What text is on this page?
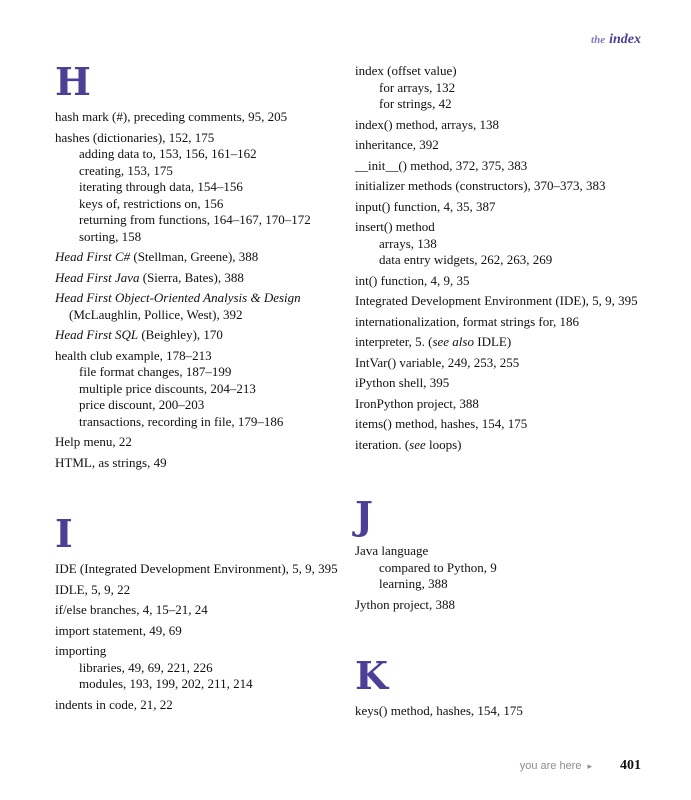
the index
H
hash mark (#), preceding comments, 95, 205
hashes (dictionaries), 152, 175
adding data to, 153, 156, 161–162
creating, 153, 175
iterating through data, 154–156
keys of, restrictions on, 156
returning from functions, 164–167, 170–172
sorting, 158
Head First C# (Stellman, Greene), 388
Head First Java (Sierra, Bates), 388
Head First Object-Oriented Analysis & Design
(McLaughlin, Pollice, West), 392
Head First SQL (Beighley), 170
health club example, 178–213
file format changes, 187–199
multiple price discounts, 204–213
price discount, 200–203
transactions, recording in file, 179–186
Help menu, 22
HTML, as strings, 49
I
IDE (Integrated Development Environment), 5, 9, 395
IDLE, 5, 9, 22
if/else branches, 4, 15–21, 24
import statement, 49, 69
importing
libraries, 49, 69, 221, 226
modules, 193, 199, 202, 211, 214
indents in code, 21, 22
index (offset value)
for arrays, 132
for strings, 42
index() method, arrays, 138
inheritance, 392
__init__() method, 372, 375, 383
initializer methods (constructors), 370–373, 383
input() function, 4, 35, 387
insert() method
arrays, 138
data entry widgets, 262, 263, 269
int() function, 4, 9, 35
Integrated Development Environment (IDE), 5, 9, 395
internationalization, format strings for, 186
interpreter, 5. (see also IDLE)
IntVar() variable, 249, 253, 255
iPython shell, 395
IronPython project, 388
items() method, hashes, 154, 175
iteration. (see loops)
J
Java language
compared to Python, 9
learning, 388
Jython project, 388
K
keys() method, hashes, 154, 175
you are here ▸ 401
